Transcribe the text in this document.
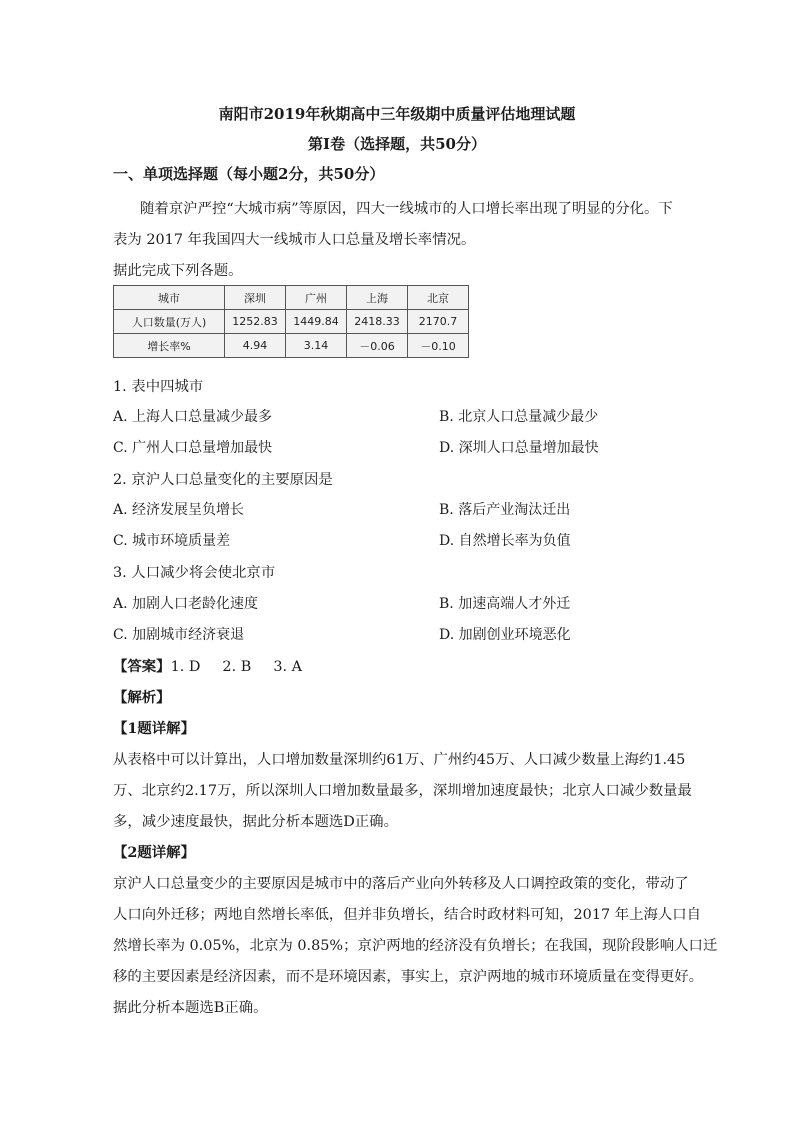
南阳市2019年秋期高中三年级期中质量评估地理试题
第Ⅰ卷（选择题，共50分）
一、单项选择题（每小题2分，共50分）
随着京沪严控“大城市病”等原因，四大一线城市的人口增长率出现了明显的分化。下
表为 2017 年我国四大一线城市人口总量及增长率情况。
据此完成下列各题。
城市	深圳	广州	上海	北京
人口数量(万人)	1252.83	1449.84	2418.33	2170.7
增长率%	4.94	3.14	－0.06	－0.10
1. 表中四城市
A. 上海人口总量减少最多	B. 北京人口总量减少最少
C. 广州人口总量增加最快	D. 深圳人口总量增加最快
2. 京沪人口总量变化的主要原因是
A. 经济发展呈负增长	B. 落后产业淘汰迁出
C. 城市环境质量差	D. 自然增长率为负值
3. 人口减少将会使北京市
A. 加剧人口老龄化速度	B. 加速高端人才外迁
C. 加剧城市经济衰退	D. 加剧创业环境恶化
【答案】1. D 2. B 3. A
【解析】
【1题详解】
从表格中可以计算出，人口增加数量深圳约61万、广州约45万、人口减少数量上海约1.45
万、北京约2.17万，所以深圳人口增加数量最多，深圳增加速度最快；北京人口减少数量最
多，减少速度最快，据此分析本题选D正确。
【2题详解】
京沪人口总量变少的主要原因是城市中的落后产业向外转移及人口调控政策的变化，带动了
人口向外迁移；两地自然增长率低，但并非负增长，结合时政材料可知，2017 年上海人口自
然增长率为 0.05%，北京为 0.85%；京沪两地的经济没有负增长；在我国，现阶段影响人口迁
移的主要因素是经济因素，而不是环境因素，事实上，京沪两地的城市环境质量在变得更好。
据此分析本题选B正确。
